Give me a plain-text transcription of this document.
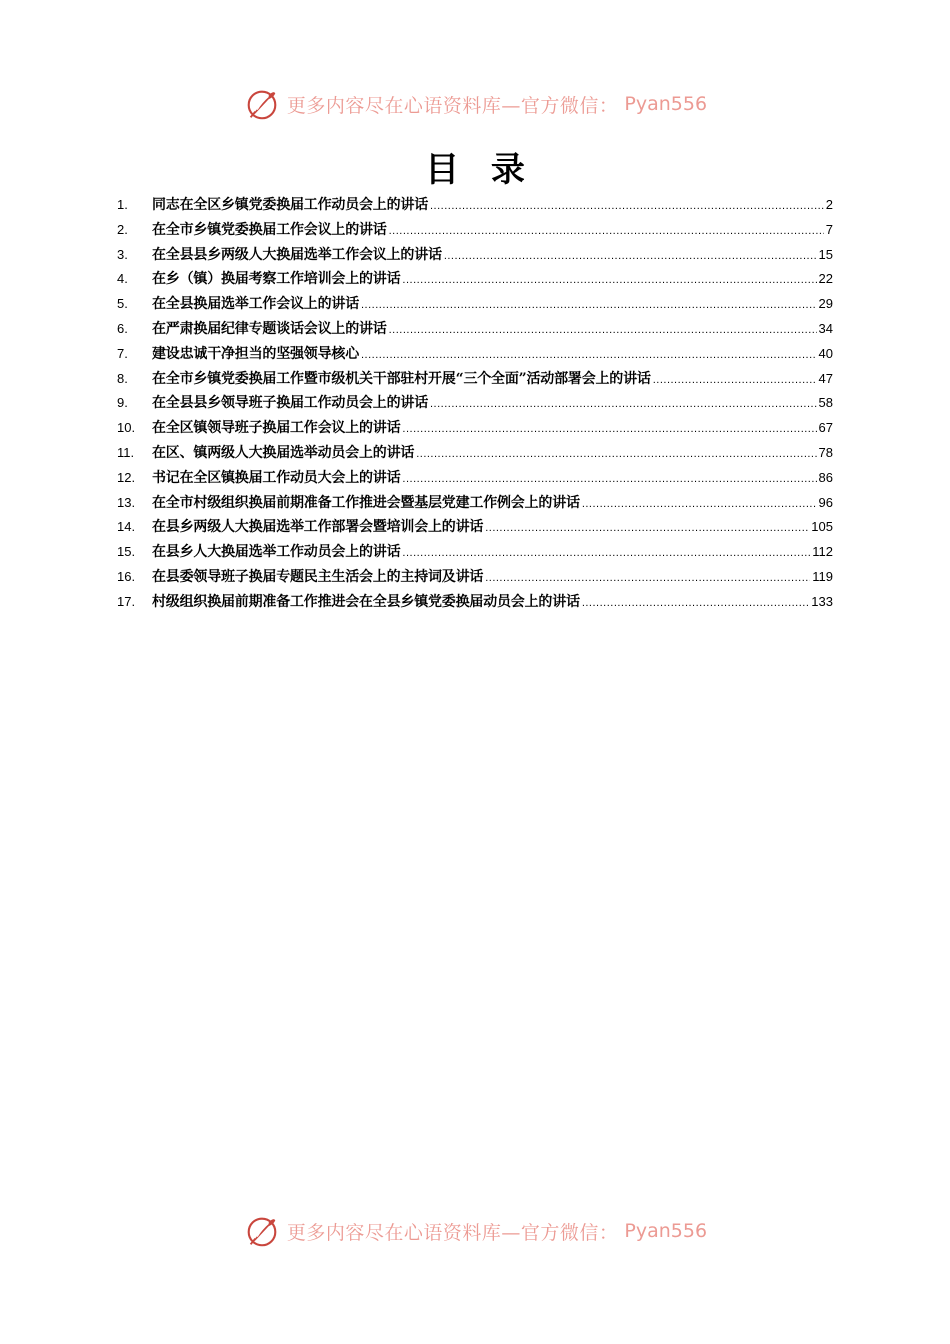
更多内容尽在心语资料库—官方微信： Pyan556
目 录
1.	同志在全区乡镇党委换届工作动员会上的讲话 .....	2
2.	在全市乡镇党委换届工作会议上的讲话 .....	7
3.	在全县县乡两级人大换届选举工作会议上的讲话 .....	15
4.	在乡（镇）换届考察工作培训会上的讲话 .....	22
5.	在全县换届选举工作会议上的讲话 .....	29
6.	在严肃换届纪律专题谈话会议上的讲话 .....	34
7.	建设忠诚干净担当的坚强领导核心 .....	40
8.	在全市乡镇党委换届工作暨市级机关干部驻村开展“三个全面”活动部署会上的讲话 .....	47
9.	在全县县乡领导班子换届工作动员会上的讲话 .....	58
10.	在全区镇领导班子换届工作会议上的讲话 .....	67
11.	在区、镇两级人大换届选举动员会上的讲话 .....	78
12.	书记在全区镇换届工作动员大会上的讲话 .....	86
13.	在全市村级组织换届前期准备工作推进会暨基层党建工作例会上的讲话 .....	96
14.	在县乡两级人大换届选举工作部署会暨培训会上的讲话 .....	105
15.	在县乡人大换届选举工作动员会上的讲话 .....	112
16.	在县委领导班子换届专题民主生活会上的主持词及讲话 .....	119
17.	村级组织换届前期准备工作推进会在全县乡镇党委换届动员会上的讲话 .....	133
更多内容尽在心语资料库—官方微信： Pyan556
